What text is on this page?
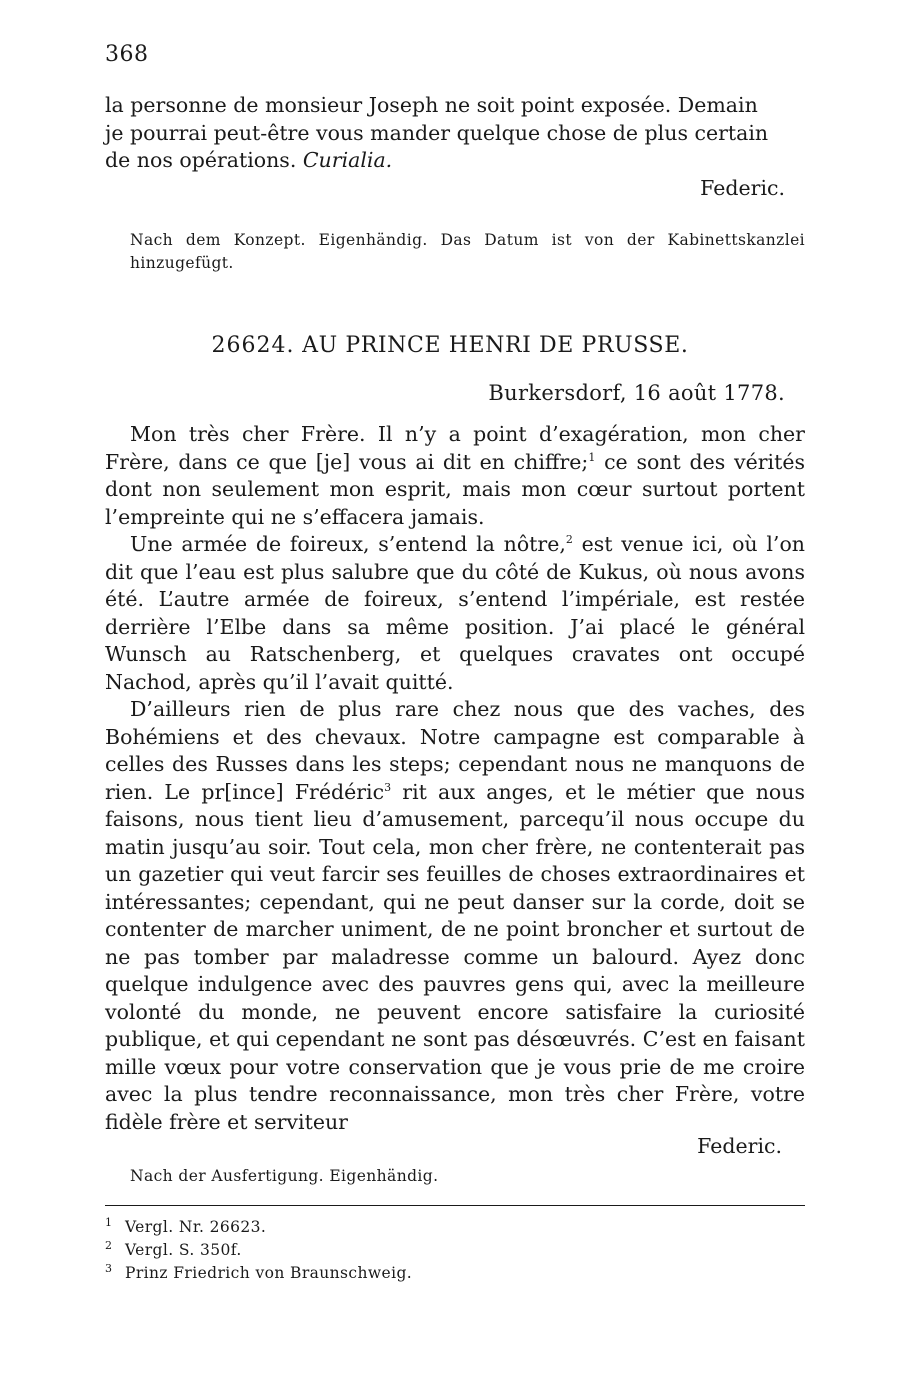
368

la personne de monsieur Joseph ne soit point exposée. Demain

je pourrai peut-être vous mander quelque chose de plus certain

de nos opérations. Curialia.

Federic.
Nach dem Konzept. Eigenhändig. Das Datum ist von der Kabinettskanzlei hinzugefügt.
26624. AU PRINCE HENRI DE PRUSSE.
Burkersdorf, 16 août 1778.

Mon très cher Frère. Il n’y a point d’exagération, mon cher Frère, dans ce que [je] vous ai dit en chiffre;$^1$ ce sont des vérités dont non seulement mon esprit, mais mon cœur surtout portent l’empreinte qui ne s’effacera jamais.

Une armée de foireux, s’entend la nôtre,$^2$ est venue ici, où l’on dit que l’eau est plus salubre que du côté de Kukus, où nous avons été. L’autre armée de foireux, s’entend l’impériale, est restée derrière l’Elbe dans sa même position. J’ai placé le général Wunsch au Ratschenberg, et quelques cravates ont occupé Nachod, après qu’il l’avait quitté.

D’ailleurs rien de plus rare chez nous que des vaches, des Bohémiens et des chevaux. Notre campagne est comparable à celles des Russes dans les steps; cependant nous ne manquons de rien. Le pr[ince] Frédéric$^3$ rit aux anges, et le métier que nous faisons, nous tient lieu d’amusement, parcequ’il nous occupe du matin jusqu’au soir. Tout cela, mon cher frère, ne contenterait pas un gazetier qui veut farcir ses feuilles de choses extraordinaires et intéressantes; cependant, qui ne peut danser sur la corde, doit se contenter de marcher uniment, de ne point broncher et surtout de ne pas tomber par maladresse comme un balourd. Ayez donc quelque indulgence avec des pauvres gens qui, avec la meilleure volonté du monde, ne peuvent encore satisfaire la curiosité publique, et qui cependant ne sont pas désœuvrés. C’est en faisant mille vœux pour votre conservation que je vous prie de me croire avec la plus tendre reconnaissance, mon très cher Frère, votre fidèle frère et serviteur

Federic.
Nach der Ausfertigung. Eigenhändig.
$^1$ Vergl. Nr. 26623.
$^2$ Vergl. S. 350f.
$^3$ Prinz Friedrich von Braunschweig.
